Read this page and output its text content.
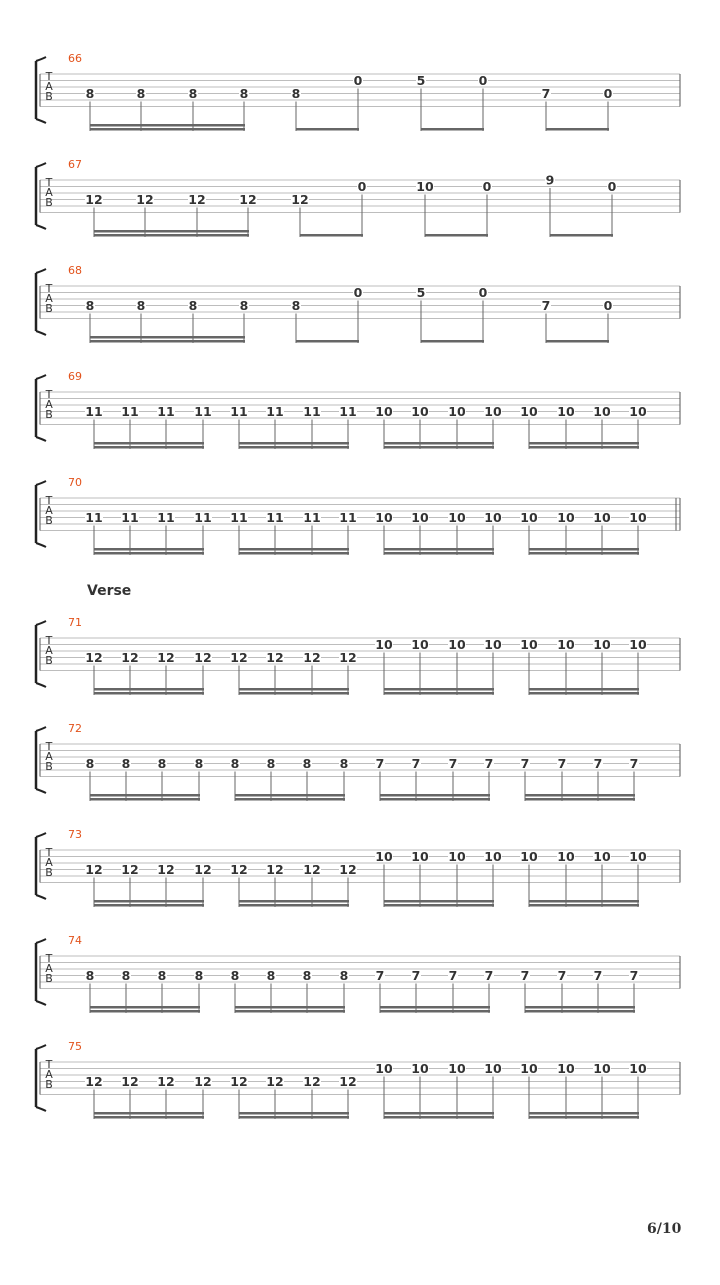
T
A
B
66
8	8	8	8	8
0	5	0
7	0
T
A
B
67
12	12	12	12	12
0	10	0	9	0
T
A
B
68
8	8	8	8	8
0	5	0
7	0
T
A
B
69
11 11 11 11 11 11 11 11 10 10 10 10 10 10 10 10
T
A
B
70
11 11 11 11 11 11 11 11 10 10 10 10 10 10 10 10
T
A
B
71
12 12 12 12 12 12 12 12
10 10 10 10 10 10 10 10
T
A
B
72
8 8 8 8 8 8 8 8 7 7 7 7 7 7 7 7
T
A
B
73
12 12 12 12 12 12 12 12
10 10 10 10 10 10 10 10
T
A
B
74
8 8 8 8 8 8 8 8 7 7 7 7 7 7 7 7
T
A
B
75
12 12 12 12 12 12 12 12
10 10 10 10 10 10 10 10
Verse
6/10
